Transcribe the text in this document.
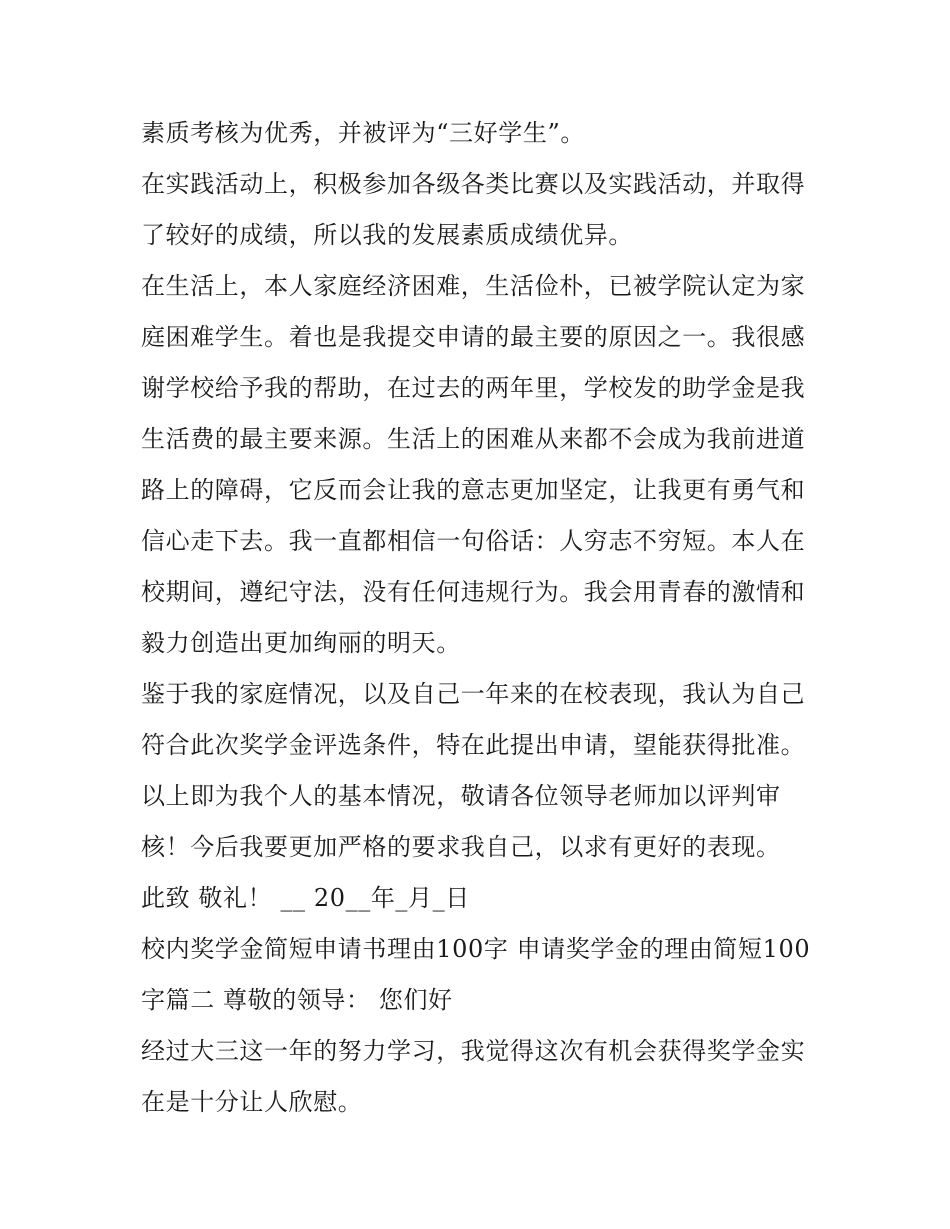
素质考核为优秀，并被评为“三好学生”。
在实践活动上，积极参加各级各类比赛以及实践活动，并取得
了较好的成绩，所以我的发展素质成绩优异。
在生活上，本人家庭经济困难，生活俭朴，已被学院认定为家
庭困难学生。着也是我提交申请的最主要的原因之一。我很感
谢学校给予我的帮助，在过去的两年里，学校发的助学金是我
生活费的最主要来源。生活上的困难从来都不会成为我前进道
路上的障碍，它反而会让我的意志更加坚定，让我更有勇气和
信心走下去。我一直都相信一句俗话：人穷志不穷短。本人在
校期间，遵纪守法，没有任何违规行为。我会用青春的激情和
毅力创造出更加绚丽的明天。
鉴于我的家庭情况，以及自己一年来的在校表现，我认为自己
符合此次奖学金评选条件，特在此提出申请，望能获得批准。
以上即为我个人的基本情况，敬请各位领导老师加以评判审
核！今后我要更加严格的要求我自己，以求有更好的表现。
此致 敬礼！ __ 20__年_月_日
校内奖学金简短申请书理由100字 申请奖学金的理由简短100
字篇二 尊敬的领导： 您们好
经过大三这一年的努力学习，我觉得这次有机会获得奖学金实
在是十分让人欣慰。
